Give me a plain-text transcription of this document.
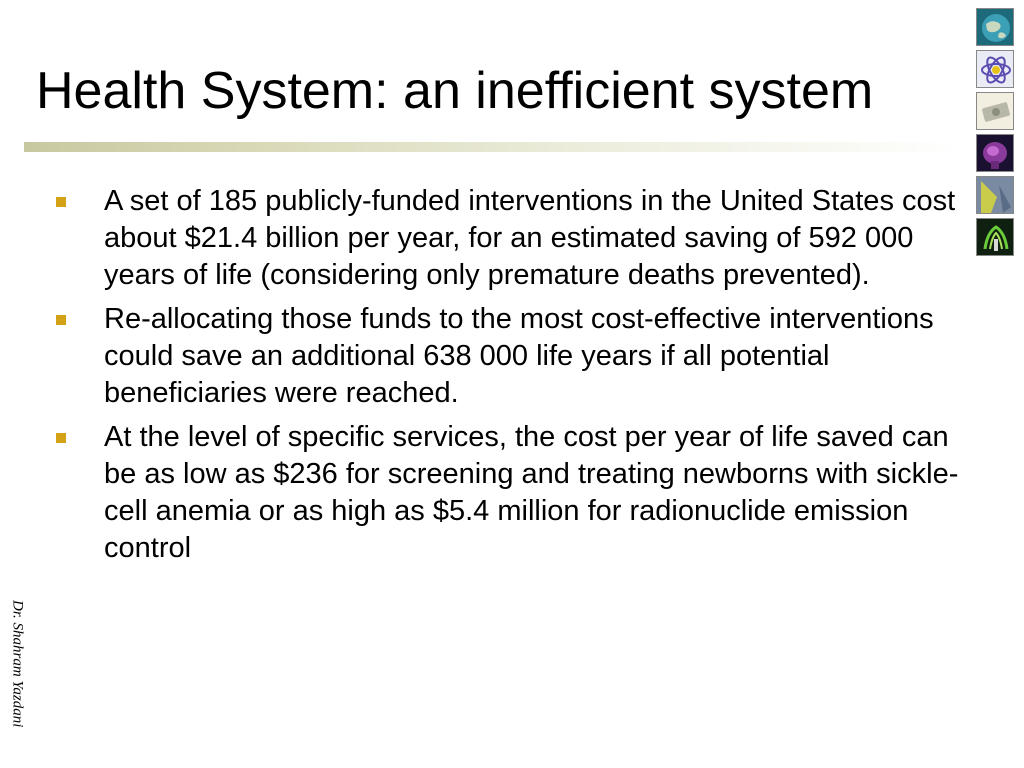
Health System: an inefficient system
A set of 185 publicly-funded interventions in the United States cost about $21.4 billion per year, for an estimated saving of 592 000 years of life (considering only premature deaths prevented).
Re-allocating those funds to the most cost-effective interventions could save an additional 638 000 life years if all potential beneficiaries were reached.
At the level of specific services, the cost per year of life saved can be as low as $236 for screening and treating newborns with sickle-cell anemia or as high as $5.4 million for radionuclide emission control
Dr. Shahram Yazdani
